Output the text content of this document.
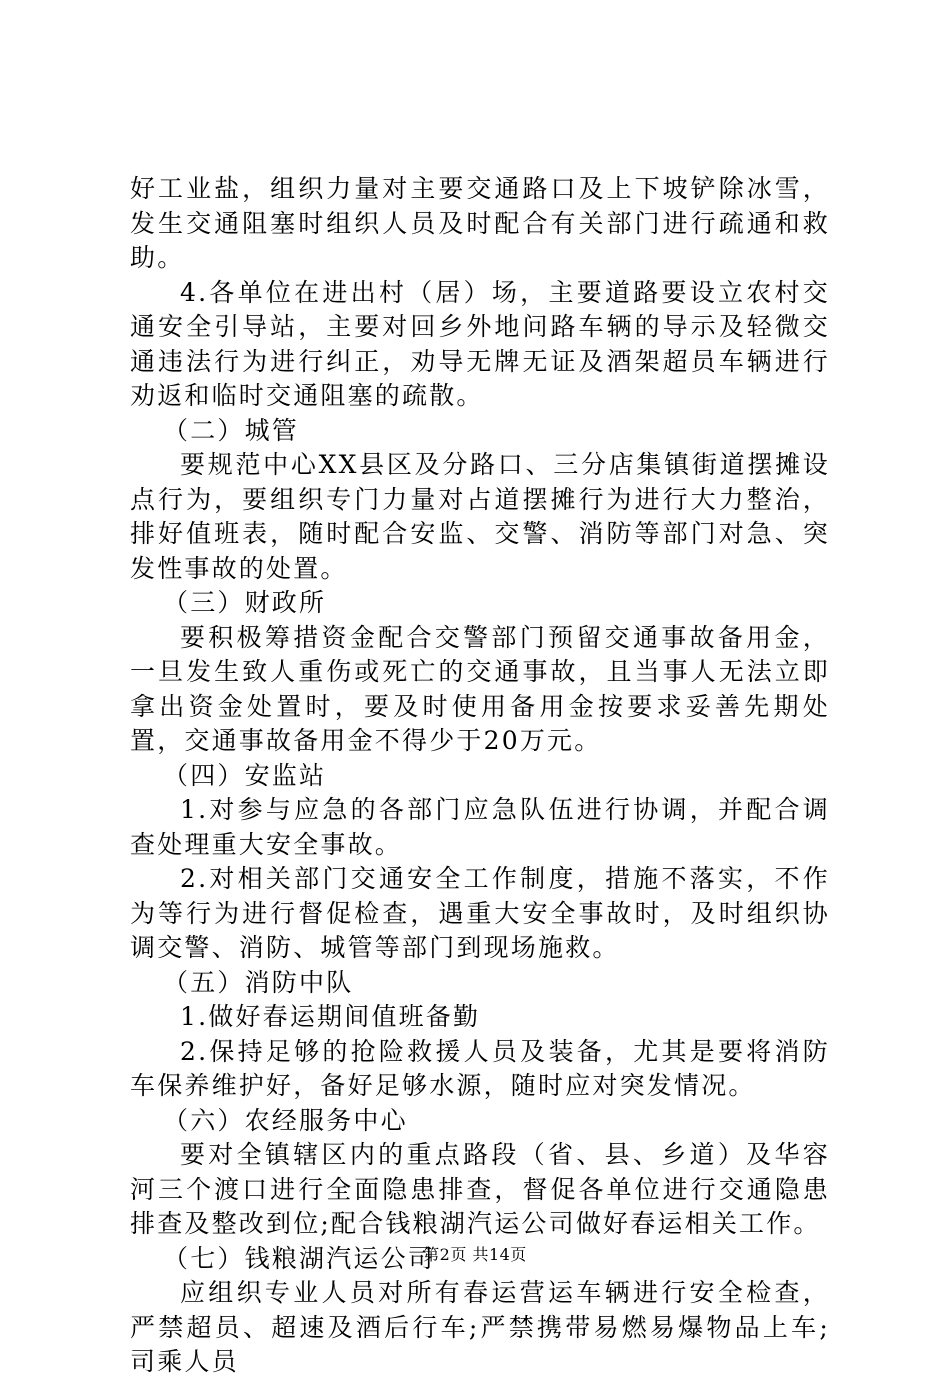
好工业盐，组织力量对主要交通路口及上下坡铲除冰雪，发生交通阻塞时组织人员及时配合有关部门进行疏通和救助。

4.各单位在进出村（居）场，主要道路要设立农村交通安全引导站，主要对回乡外地问路车辆的导示及轻微交通违法行为进行纠正，劝导无牌无证及酒架超员车辆进行劝返和临时交通阻塞的疏散。

（二）城管

要规范中心XX县区及分路口、三分店集镇街道摆摊设点行为，要组织专门力量对占道摆摊行为进行大力整治，排好值班表，随时配合安监、交警、消防等部门对急、突发性事故的处置。

（三）财政所

要积极筹措资金配合交警部门预留交通事故备用金，一旦发生致人重伤或死亡的交通事故，且当事人无法立即拿出资金处置时，要及时使用备用金按要求妥善先期处置，交通事故备用金不得少于20万元。

（四）安监站

1.对参与应急的各部门应急队伍进行协调，并配合调查处理重大安全事故。

2.对相关部门交通安全工作制度，措施不落实，不作为等行为进行督促检查，遇重大安全事故时，及时组织协调交警、消防、城管等部门到现场施救。

（五）消防中队

1.做好春运期间值班备勤

2.保持足够的抢险救援人员及装备，尤其是要将消防车保养维护好，备好足够水源，随时应对突发情况。

（六）农经服务中心

要对全镇辖区内的重点路段（省、县、乡道）及华容河三个渡口进行全面隐患排查，督促各单位进行交通隐患排查及整改到位;配合钱粮湖汽运公司做好春运相关工作。

（七）钱粮湖汽运公司

应组织专业人员对所有春运营运车辆进行安全检查，严禁超员、超速及酒后行车;严禁携带易燃易爆物品上车;司乘人员

第2页 共14页
